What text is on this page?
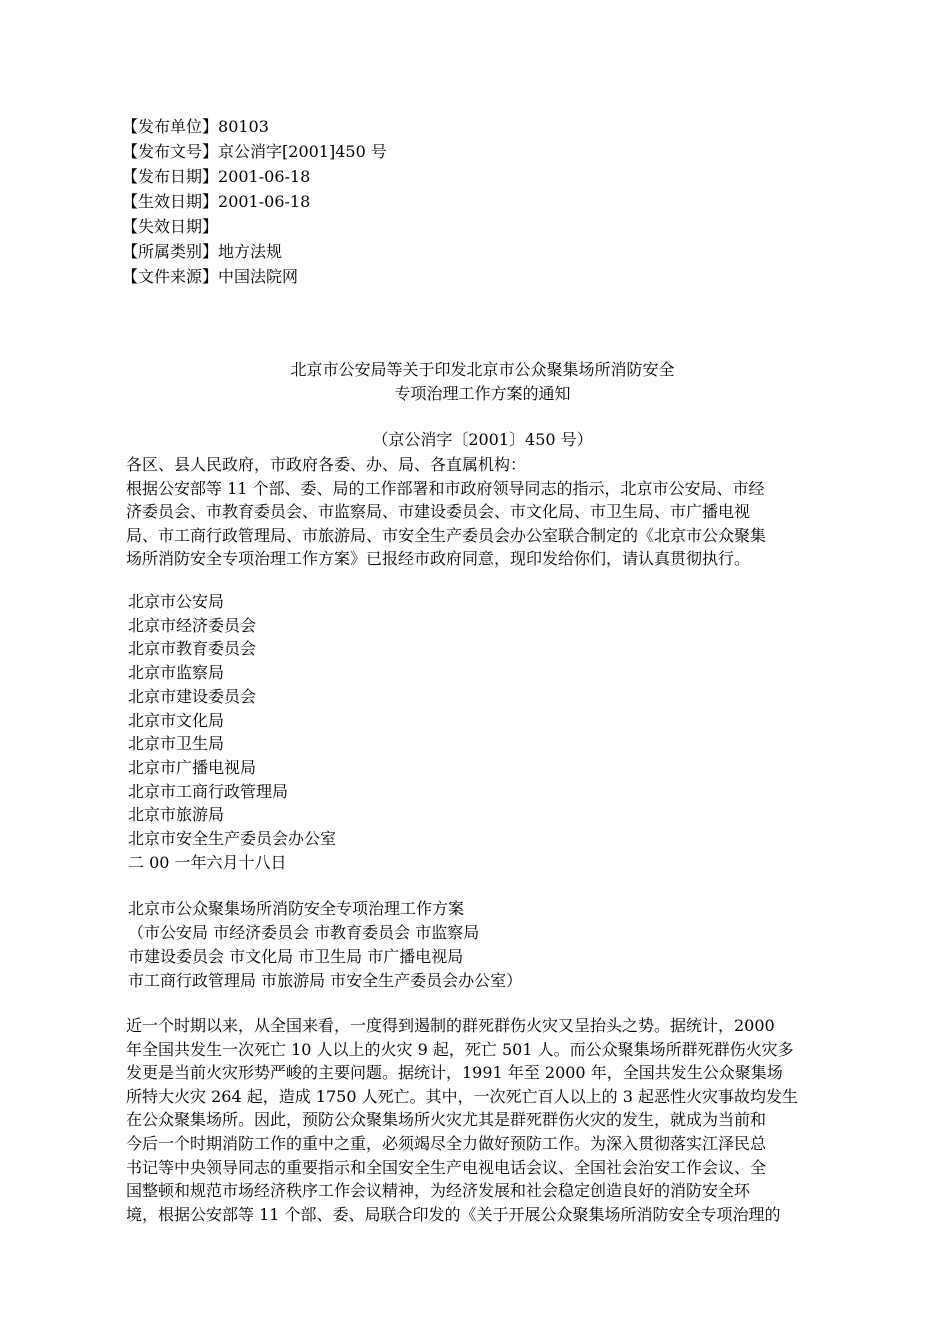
【发布单位】80103
【发布文号】京公消字[2001]450 号
【发布日期】2001-06-18
【生效日期】2001-06-18
【失效日期】
【所属类别】地方法规
【文件来源】中国法院网
北京市公安局等关于印发北京市公众聚集场所消防安全
专项治理工作方案的通知
（京公消字〔2001〕450 号）
各区、县人民政府，市政府各委、办、局、各直属机构：
根据公安部等 11 个部、委、局的工作部署和市政府领导同志的指示，北京市公安局、市经
济委员会、市教育委员会、市监察局、市建设委员会、市文化局、市卫生局、市广播电视
局、市工商行政管理局、市旅游局、市安全生产委员会办公室联合制定的《北京市公众聚集
场所消防安全专项治理工作方案》已报经市政府同意，现印发给你们，请认真贯彻执行。
北京市公安局
北京市经济委员会
北京市教育委员会
北京市监察局
北京市建设委员会
北京市文化局
北京市卫生局
北京市广播电视局
北京市工商行政管理局
北京市旅游局
北京市安全生产委员会办公室
二 00 一年六月十八日
北京市公众聚集场所消防安全专项治理工作方案
（市公安局 市经济委员会 市教育委员会 市监察局
市建设委员会 市文化局 市卫生局 市广播电视局
市工商行政管理局 市旅游局 市安全生产委员会办公室）
近一个时期以来，从全国来看，一度得到遏制的群死群伤火灾又呈抬头之势。据统计，2000
年全国共发生一次死亡 10 人以上的火灾 9 起，死亡 501 人。而公众聚集场所群死群伤火灾多
发更是当前火灾形势严峻的主要问题。据统计，1991 年至 2000 年，全国共发生公众聚集场
所特大火灾 264 起，造成 1750 人死亡。其中，一次死亡百人以上的 3 起恶性火灾事故均发生
在公众聚集场所。因此，预防公众聚集场所火灾尤其是群死群伤火灾的发生，就成为当前和
今后一个时期消防工作的重中之重，必须竭尽全力做好预防工作。为深入贯彻落实江泽民总
书记等中央领导同志的重要指示和全国安全生产电视电话会议、全国社会治安工作会议、全
国整顿和规范市场经济秩序工作会议精神，为经济发展和社会稳定创造良好的消防安全环
境，根据公安部等 11 个部、委、局联合印发的《关于开展公众聚集场所消防安全专项治理的
